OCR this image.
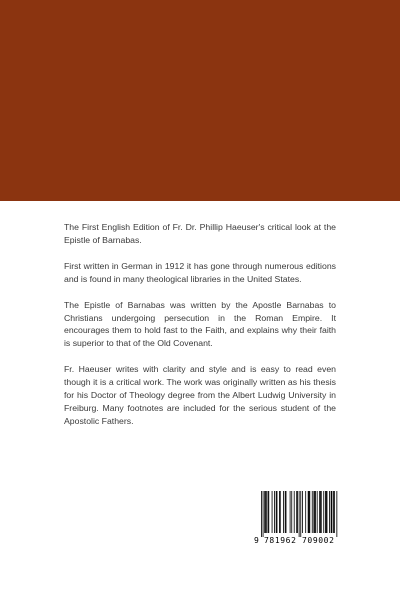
The First English Edition of Fr. Dr. Phillip Haeuser's critical look at the Epistle of Barnabas.

First written in German in 1912 it has gone through numerous editions and is found in many theological libraries in the United States.

The Epistle of Barnabas was written by the Apostle Barnabas to Christians undergoing persecution in the Roman Empire. It encourages them to hold fast to the Faith, and explains why their faith is superior to that of the Old Covenant.

Fr. Haeuser writes with clarity and style and is easy to read even though it is a critical work. The work was originally written as his thesis for his Doctor of Theology degree from the Albert Ludwig University in Freiburg. Many footnotes are included for the serious student of the Apostolic Fathers.

9 781962 709002
